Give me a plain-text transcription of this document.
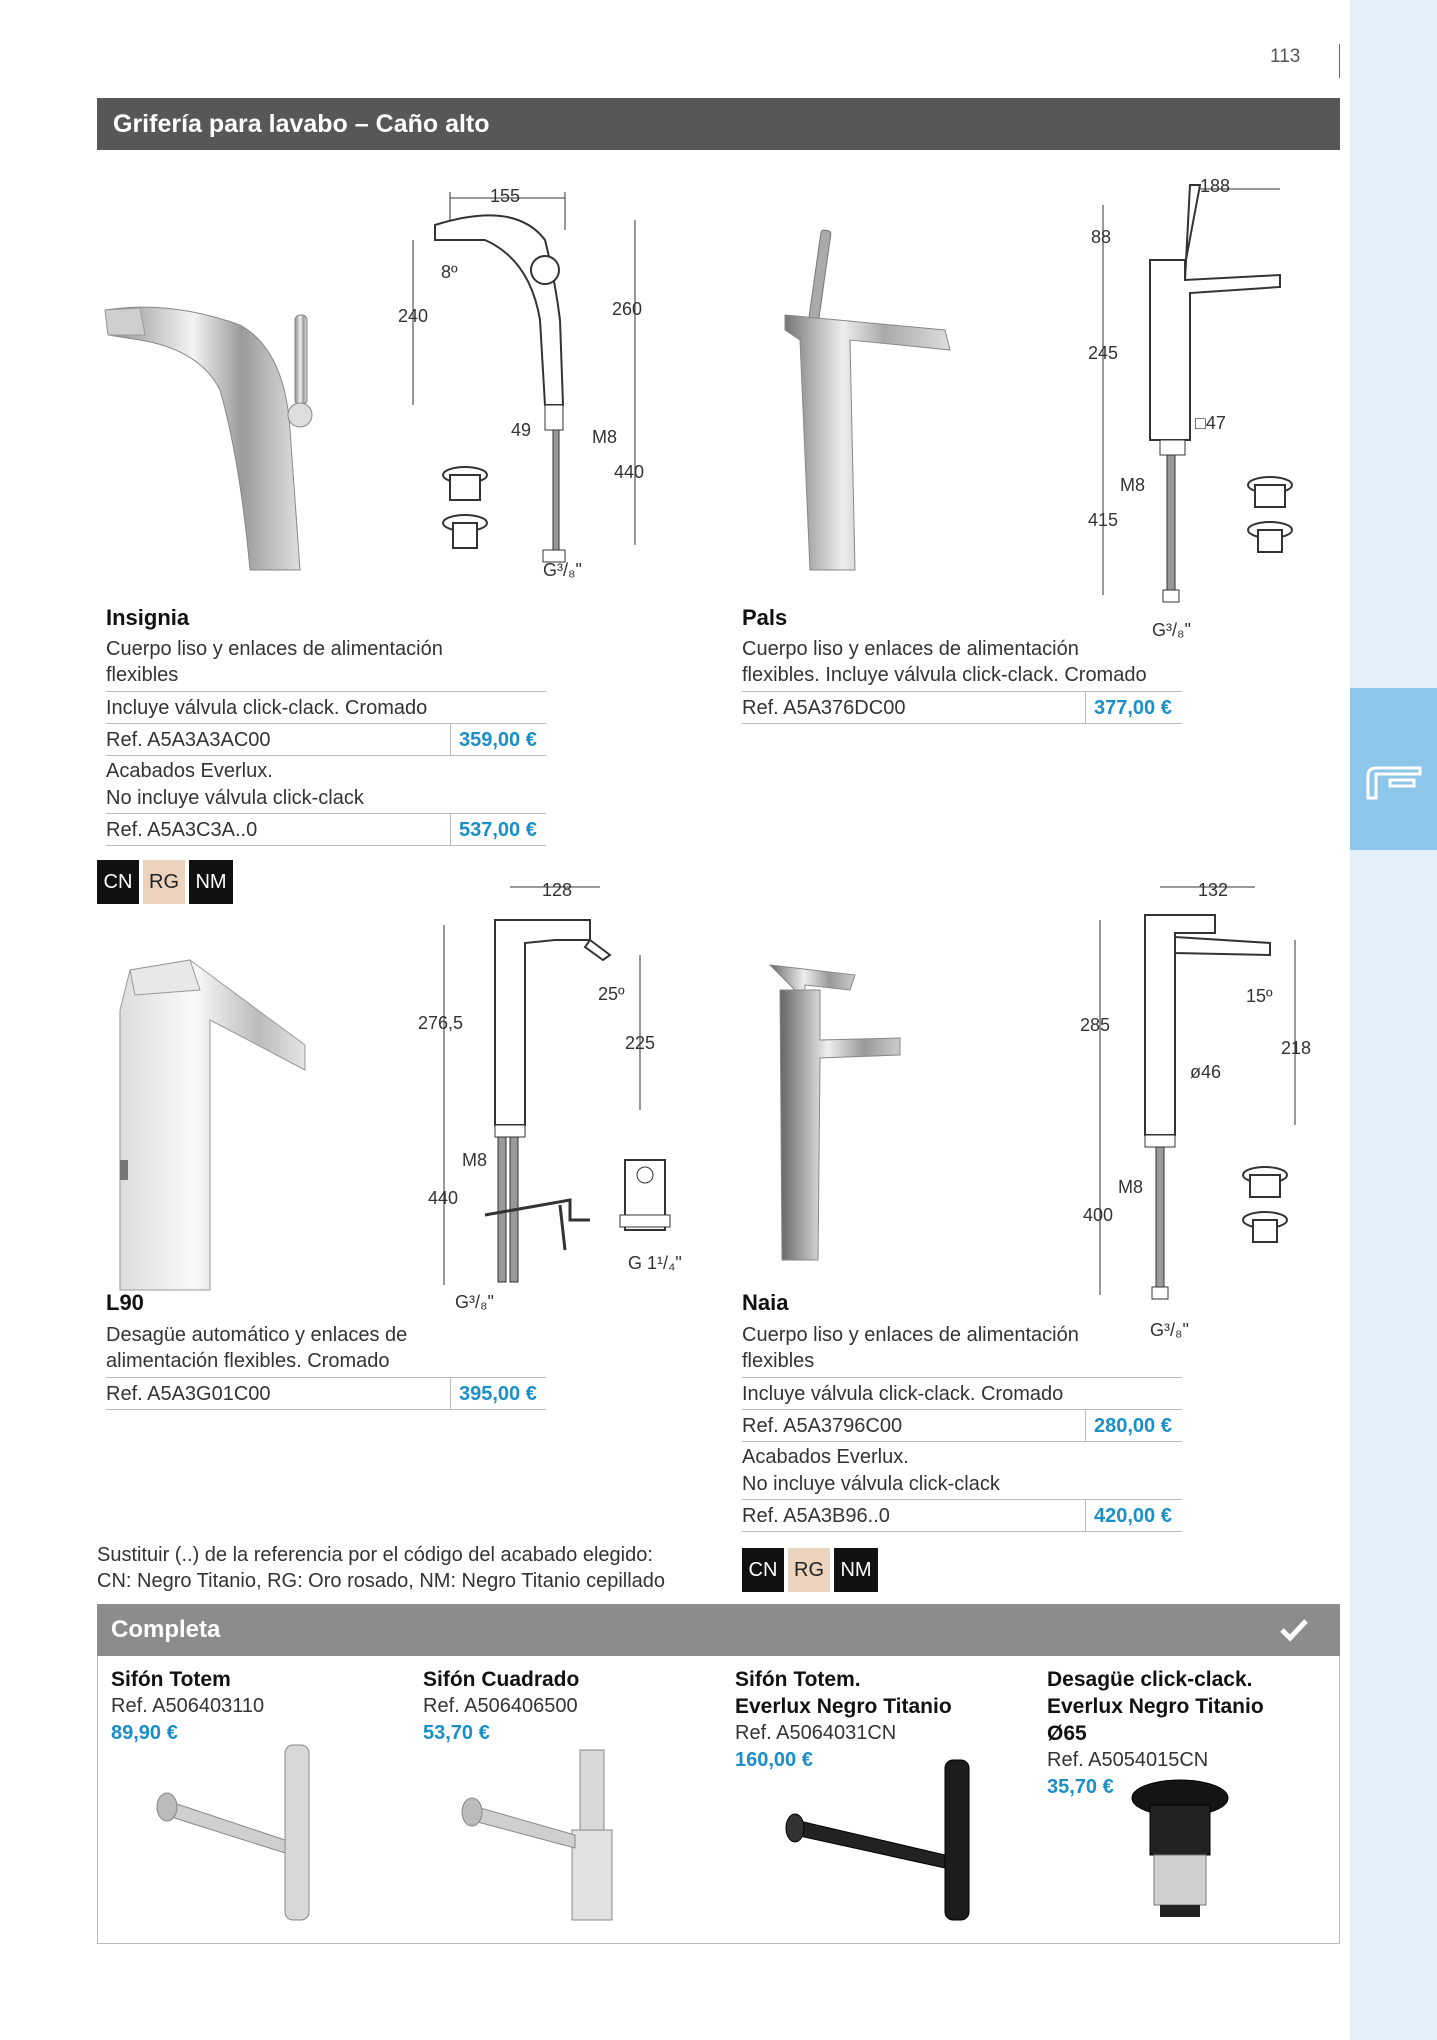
113
Grifería para lavabo – Caño alto
155
8º
240	260
49	M8
440
G³/₈"
Insignia
Cuerpo liso y enlaces de alimentación
flexibles
Incluye válvula click-clack. Cromado
Ref. A5A3A3AC00	359,00 €
Acabados Everlux.
No incluye válvula click-clack
Ref. A5A3C3A..0	537,00 €
CN RG NM
188
88
245
□47
M8
415
G³/₈"
Pals
Cuerpo liso y enlaces de alimentación
flexibles. Incluye válvula click-clack. Cromado
Ref. A5A376DC00	377,00 €
128
25º
276,5
225
M8
440
G 1¹/₄"
G³/₈"
L90
Desagüe automático y enlaces de
alimentación flexibles. Cromado
Ref. A5A3G01C00	395,00 €
132
15º
285
218
ø46
M8
400
G³/₈"
Naia
Cuerpo liso y enlaces de alimentación
flexibles
Incluye válvula click-clack. Cromado
Ref. A5A3796C00	280,00 €
Acabados Everlux.
No incluye válvula click-clack
Ref. A5A3B96..0	420,00 €
Sustituir (..) de la referencia por el código del acabado elegido:
CN: Negro Titanio, RG: Oro rosado, NM: Negro Titanio cepillado	CN RG NM
Completa
Sifón Totem
Ref. A506403110
89,90 €
Sifón Cuadrado
Ref. A506406500
53,70 €
Sifón Totem.
Everlux Negro Titanio
Ref. A5064031CN
160,00 €
Desagüe click-clack.
Everlux Negro Titanio
Ø65
Ref. A5054015CN
35,70 €
